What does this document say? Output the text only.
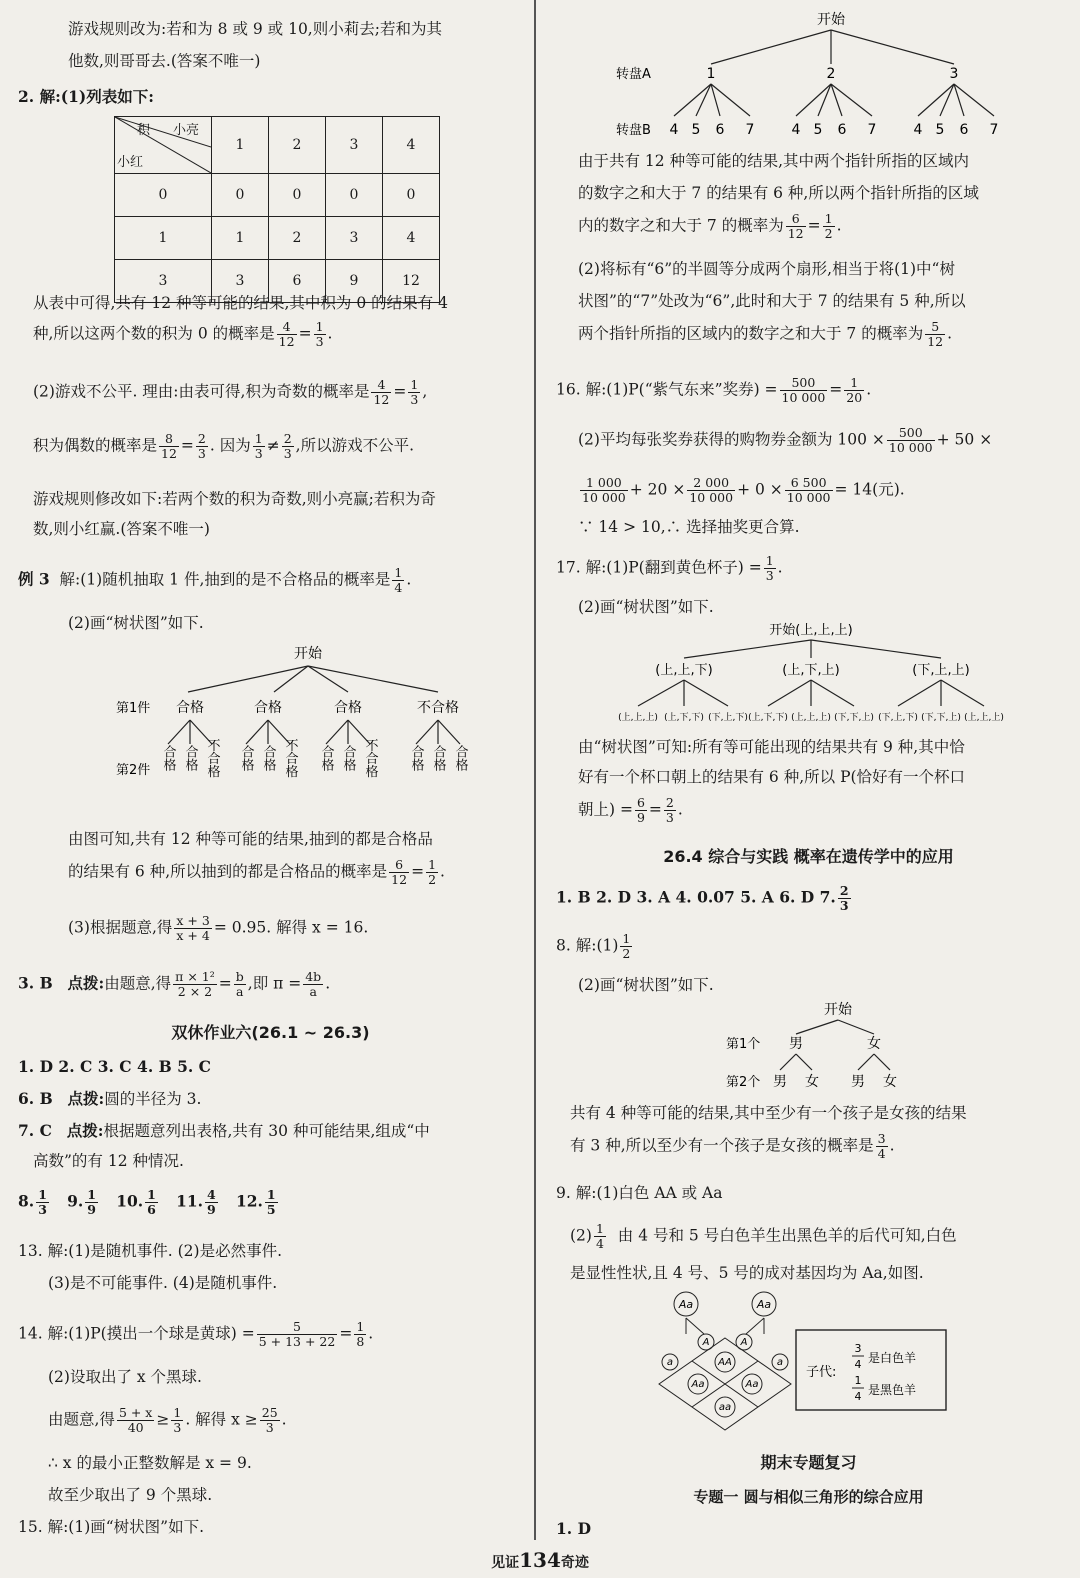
游戏规则改为:若和为 8 或 9 或 10,则小莉去;若和为其
他数,则哥哥去.(答案不唯一)
2. 解:(1)列表如下:
积 小亮
小红	1	2	3	4
0	0	0	0	0
1	1	2	3	4
3	3	6	9	12
从表中可得,共有 12 种等可能的结果,其中积为 0 的结果有 4
种,所以这两个数的积为 0 的概率是 $\frac{4}{12} = \frac{1}{3}$ .
(2)游戏不公平. 理由:由表可得,积为奇数的概率是 $\frac{4}{12} = \frac{1}{3}$ ,
积为偶数的概率是 $\frac{8}{12} = \frac{2}{3}$ . 因为 $\frac{1}{3} \ne \frac{2}{3}$ ,所以游戏不公平.
游戏规则修改如下:若两个数的积为奇数,则小亮赢;若积为奇
数,则小红赢.(答案不唯一)
例 3 解:(1)随机抽取 1 件,抽到的是不合格品的概率是 $\frac{1}{4}$ .
(2)画“树状图”如下.
开始
第1件 合格	合格	合格	不合格
第2件 合格 合格 不合格 合格 合格 不合格 合格 合格 不合格 合格 合格 合格
由图可知,共有 12 种等可能的结果,抽到的都是合格品
的结果有 6 种,所以抽到的都是合格品的概率是 $\frac{6}{12} = \frac{1}{2}$ .
(3)根据题意,得 $\frac{x + 3}{x + 4} = 0.95$. 解得 x = 16.
3. B 点拨:由题意,得 $\frac{\text{π × 1²}}{2 \times 2} = \frac{b}{a}$ ,即 $\pi = \frac{4b}{a}$ .
双休作业六(26.1 ~ 26.3)
1. D 2. C 3. C 4. B 5. C
6. B 点拨:圆的半径为 3.
7. C 点拨:根据题意列出表格,共有 30 种可能结果,组成“中
高数”的有 12 种情况.
8. $\frac{1}{3} 9$. $\frac{1}{9} 10$. $\frac{1}{6} 11$. $\frac{4}{9} 12$. $\frac{1}{5}$
13. 解:(1)是随机事件. (2)是必然事件.
(3)是不可能事件. (4)是随机事件.
14. 解:(1)P(摸出一个球是黄球) = $\frac{5}{5 + 13 + 22} = \frac{1}{8}$ .
(2)设取出了 x 个黑球.
由题意,得 $\frac{5 + x}{40} \ge \frac{1}{3}$ . 解得 $x \ge \frac{25}{3}$ .
∴ x 的最小正整数解是 x = 9.
故至少取出了 9 个黑球.
15. 解:(1)画“树状图”如下.
开始
转盘A	1	2	3
转盘B 4 5 6 7	4 5 6 7	4 5 6 7
由于共有 12 种等可能的结果,其中两个指针所指的区域内
的数字之和大于 7 的结果有 6 种,所以两个指针所指的区域
内的数字之和大于 7 的概率为 $\frac{6}{12} = \frac{1}{2}$ .
(2)将标有“6”的半圆等分成两个扇形,相当于将(1)中“树
状图”的“7”处改为“6”,此时和大于 7 的结果有 5 种,所以
两个指针所指的区域内的数字之和大于 7 的概率为 $\frac{5}{12}$ .
16. 解:(1)P(“紫气东来”奖券) = $\frac{500}{10 000} = \frac{1}{20}$ .
(2)平均每张奖券获得的购物券金额为 $100 \times \frac{500}{10 000} + 50$ ×
$\frac{1 000}{10 000} + 20 \times \frac{2 000}{10 000} + 0 \times \frac{6 500}{10 000} = 14$(元).
∵ 14 > 10,∴ 选择抽奖更合算.
17. 解:(1)P(翻到黄色杯子) = $\frac{1}{3}$ .
(2)画“树状图”如下.
开始(上,上,上)
(上,上,下)	(上,下,上)	(下,上,上)
(上,上,上) (上,下,下) (下,上,下) (上,下,下) (上,上,上) (下,下,上) (下,上,下) (下,下,上) (上,上,上)
由“树状图”可知:所有等可能出现的结果共有 9 种,其中恰
好有一个杯口朝上的结果有 6 种,所以 P(恰好有一个杯口
朝上) = $\frac{6}{9} = \frac{2}{3}$ .
26.4 综合与实践 概率在遗传学中的应用
1. B 2. D 3. A 4. 0.07 5. A 6. D 7. $\frac{2}{3}$
8. 解:(1) $\frac{1}{2}$
(2)画“树状图”如下.
开始
第1个 男	女
第2个 男 女 男 女
共有 4 种等可能的结果,其中至少有一个孩子是女孩的结果
有 3 种,所以至少有一个孩子是女孩的概率是 $\frac{3}{4}$ .
9. 解:(1)白色 AA 或 Aa
$(2) \frac{1}{4}$ 由 4 号和 5 号白色羊生出黑色羊的后代可知,白色
是显性性状,且 4 号、5 号的成对基因均为 Aa,如图.
Aa	Aa
A
a
A
a
AA
Aa	Aa
aa
子代:
3
4 是白色羊
1
4 是黑色羊
期末专题复习
专题一 圆与相似三角形的综合应用
1. D
见证134奇迹
